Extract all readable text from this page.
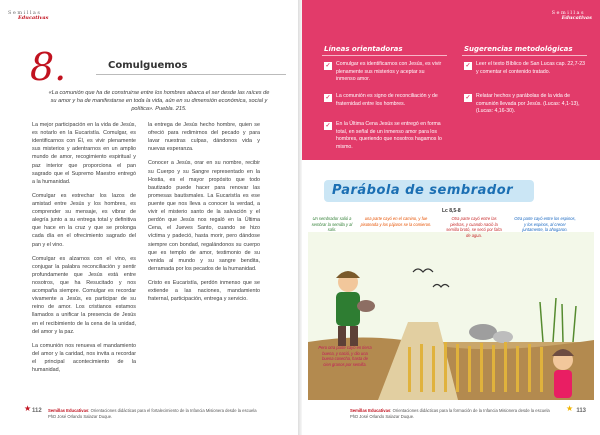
Semillas
Educativas
8.	Comulguemos
«La comunión que ha de construirse entre los hombres abarca el ser desde las raíces de su amor y ha de manifestarse en toda la vida, aún en su dimensión económica, social y política». Puebla. 215.

La mejor participación en la vida de Jesús, es notarlo en la Eucaristía. Comulgar, es identificarnos con Él, es vivir plenamente sus misterios y adentrarnos en un amplio mundo de amor, recogimiento espiritual y paz interior que proporciona el pan sagrado que el Supremo Maestro entregó a la humanidad.

Comulgar es estrechar los lazos de amistad entre Jesús y los hombres, es comprender su mensaje, es vibrar de alegría junto a su entrega total y definitiva que hace en la cruz y que se prolonga cada día en el ofrecimiento sagrado del pan y el vino.

Comulgar es alzarnos con el vino, es conjugar la palabra reconciliación y sentir profundamente que Jesús está entre nosotros, que ha Resucitado y nos acompaña siempre. Comulgar es recordar vivamente a Jesús, es participar de su reino de amor. Los cristianos estamos llamados a unificar la presencia de Jesús en el recibimiento de la cena de la unidad, del amor y la paz.

La comunión nos renueva el mandamiento del amor y la caridad, nos invita a recordar el principal acontecimiento de la humanidad,

la entrega de Jesús hecho hombre, quien se ofreció para redimirnos del pecado y para lavar nuestras culpas, dándonos vida y nuevas esperanza.

Conocer a Jesús, orar en su nombre, recibir su Cuerpo y su Sangre representado en la Hostia, es el mayor propósito que todo bautizado puede hacer para renovar las promesas bautismales. La Eucaristía es ese puente que nos lleva a conocer la verdad, a vivir el misterio santo de la salvación y el perdón que Jesús nos regaló en la Última Cena, el Jueves Santo, cuando se hizo víctima y padeció, hasta morir, pero dándose siempre con bondad, regalándonos su cuerpo que es templo de amor, testimonio de su venida al mundo y su sangre bendita, derramada por los pecados de la humanidad.

Cristo es Eucaristía, perdón inmenso que se extiende a las naciones, mandamiento fraternal, participación, entrega y servicio.

★ 112 Semillas Educativas: Orientaciones didácticas para el fortalecimiento de la Infancia Misionera desde la escuela
PhD José Orlando Salazar Duque.
Semillas
Educativas
Líneas orientadoras	Sugerencias metodológicas
✓ Comulgar es identificarnos con Jesús, es vivir plenamente sus misterios y aceptar su inmenso amor.
✓ La comunión es signo de reconciliación y de fraternidad entre los hombres.
✓ En la Última Cena Jesús se entregó en forma total, en señal de un inmenso amor para los hombres, queriendo que nosotros hagamos lo mismo.
✓ Leer el texto Bíblico de San Lucas cap. 22,7-23 y comentar el contenido tratado.
✓ Relatar hechos y parábolas de la vida de comunión llevada por Jesús. (Lucas: 4,1-13), (Lucas: 4,16-30).
Parábola de sembrador
Lc 8,5-8
Un sembrador salió a sembrar la semilla y al salir.
una parte cayó en el camino, y fue pisoteada y los pájaros se la comieron.
Otra parte cayó entre las piedras, y cuando nació la semilla brotó, se secó por falta de agua.
Otra parte cayó entre los espinos, y los espinos, al crecer juntamente, la ahogaron.
Pero otra parte cayó en tierra buena, y nació, y dio una buena cosecha, hasta de cien granos por semilla.
★ 113
Semillas Educativas: Orientaciones didácticas para la formación de la Infancia Misionera desde la escuela
PhD José Orlando Salazar Duque.
